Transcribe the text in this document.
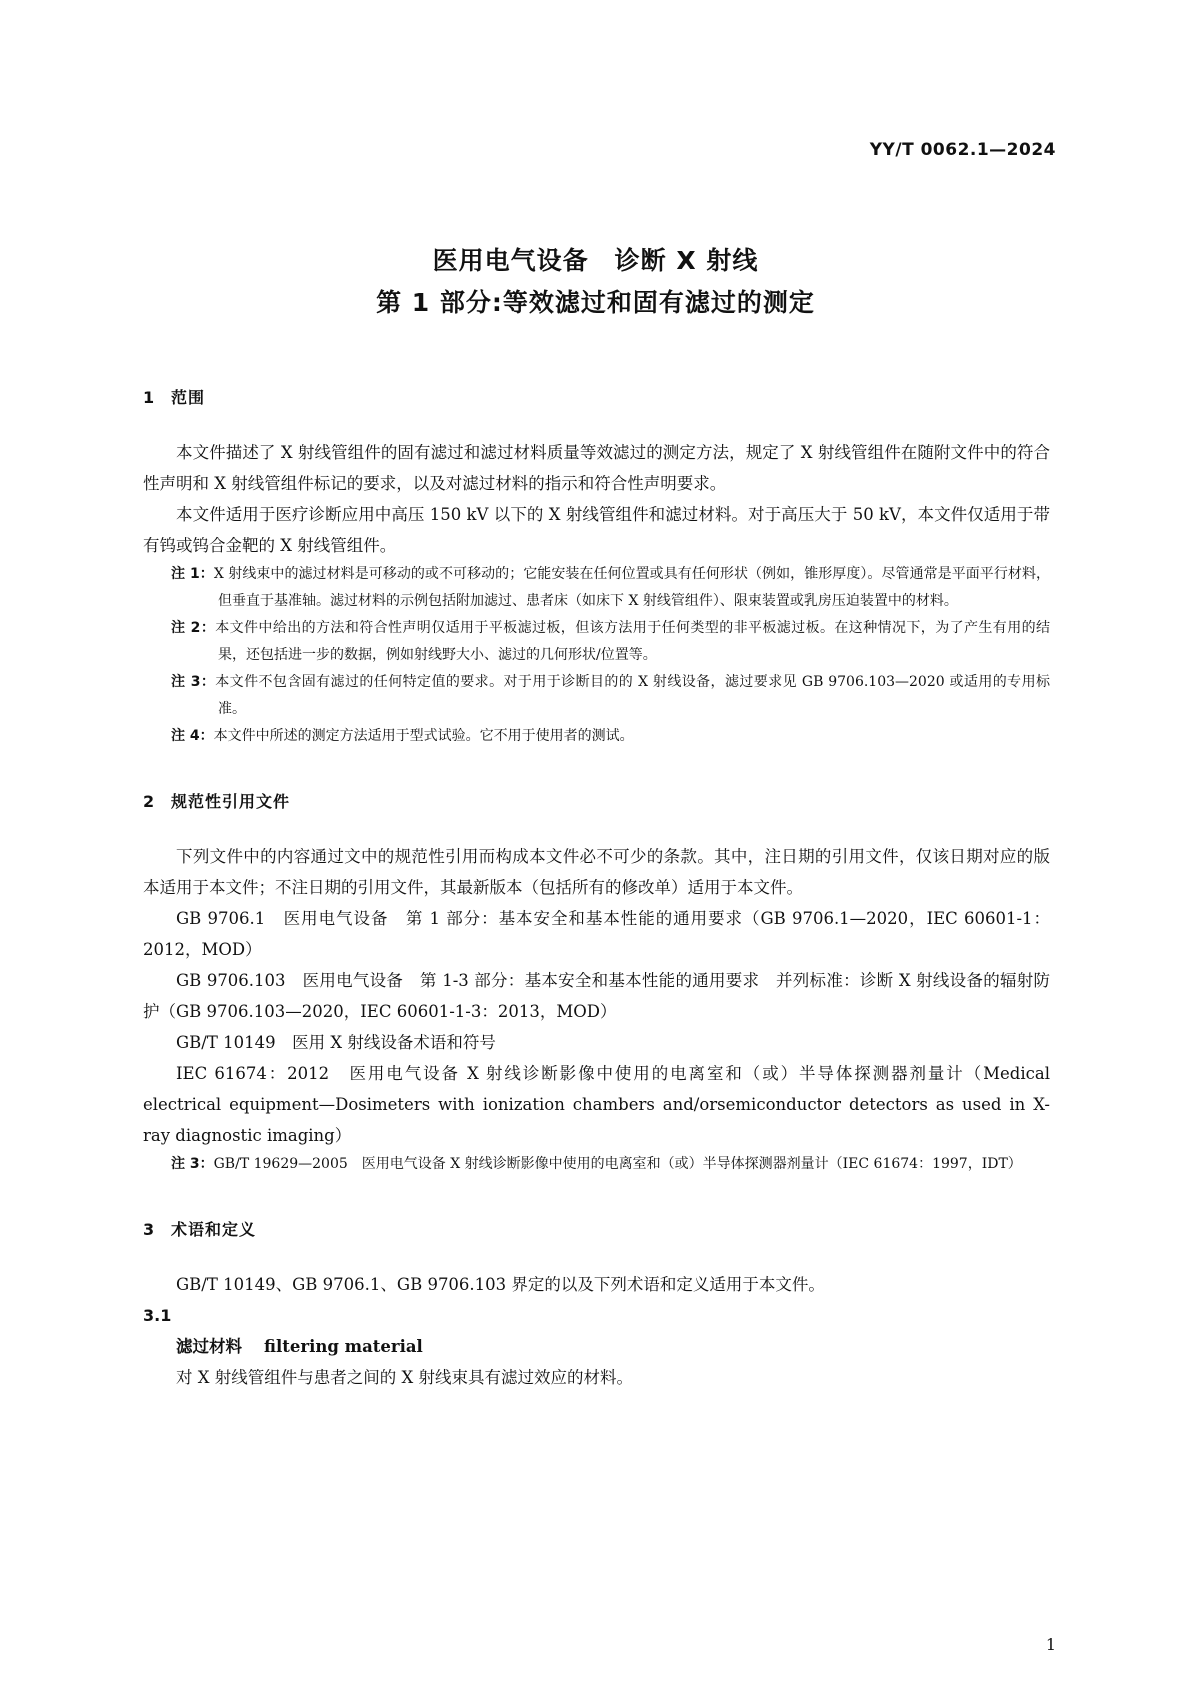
YY/T 0062.1—2024
医用电气设备　诊断 X 射线
第 1 部分:等效滤过和固有滤过的测定
1 范围

本文件描述了 X 射线管组件的固有滤过和滤过材料质量等效滤过的测定方法，规定了 X 射线管组件在随附文件中的符合性声明和 X 射线管组件标记的要求，以及对滤过材料的指示和符合性声明要求。

本文件适用于医疗诊断应用中高压 150 kV 以下的 X 射线管组件和滤过材料。对于高压大于 50 kV，本文件仅适用于带有钨或钨合金靶的 X 射线管组件。

注 1：X 射线束中的滤过材料是可移动的或不可移动的；它能安装在任何位置或具有任何形状（例如，锥形厚度）。尽管通常是平面平行材料，但垂直于基准轴。滤过材料的示例包括附加滤过、患者床（如床下 X 射线管组件）、限束装置或乳房压迫装置中的材料。
注 2：本文件中给出的方法和符合性声明仅适用于平板滤过板，但该方法用于任何类型的非平板滤过板。在这种情况下，为了产生有用的结果，还包括进一步的数据，例如射线野大小、滤过的几何形状/位置等。
注 3：本文件不包含固有滤过的任何特定值的要求。对于用于诊断目的的 X 射线设备，滤过要求见 GB 9706.103—2020 或适用的专用标准。
注 4：本文件中所述的测定方法适用于型式试验。它不用于使用者的测试。
2 规范性引用文件

下列文件中的内容通过文中的规范性引用而构成本文件必不可少的条款。其中，注日期的引用文件，仅该日期对应的版本适用于本文件；不注日期的引用文件，其最新版本（包括所有的修改单）适用于本文件。

GB 9706.1　医用电气设备　第 1 部分：基本安全和基本性能的通用要求（GB 9706.1—2020，IEC 60601-1：2012，MOD）

GB 9706.103　医用电气设备　第 1-3 部分：基本安全和基本性能的通用要求　并列标准：诊断 X 射线设备的辐射防护（GB 9706.103—2020，IEC 60601-1-3：2013，MOD）

GB/T 10149　医用 X 射线设备术语和符号

IEC 61674：2012　医用电气设备 X 射线诊断影像中使用的电离室和（或）半导体探测器剂量计（Medical electrical equipment—Dosimeters with ionization chambers and/orsemiconductor detectors as used in X-ray diagnostic imaging）

注 3：GB/T 19629—2005　医用电气设备 X 射线诊断影像中使用的电离室和（或）半导体探测器剂量计（IEC 61674：1997，IDT）
3 术语和定义

GB/T 10149、GB 9706.1、GB 9706.103 界定的以及下列术语和定义适用于本文件。

3.1
滤过材料 filtering material
对 X 射线管组件与患者之间的 X 射线束具有滤过效应的材料。
1
